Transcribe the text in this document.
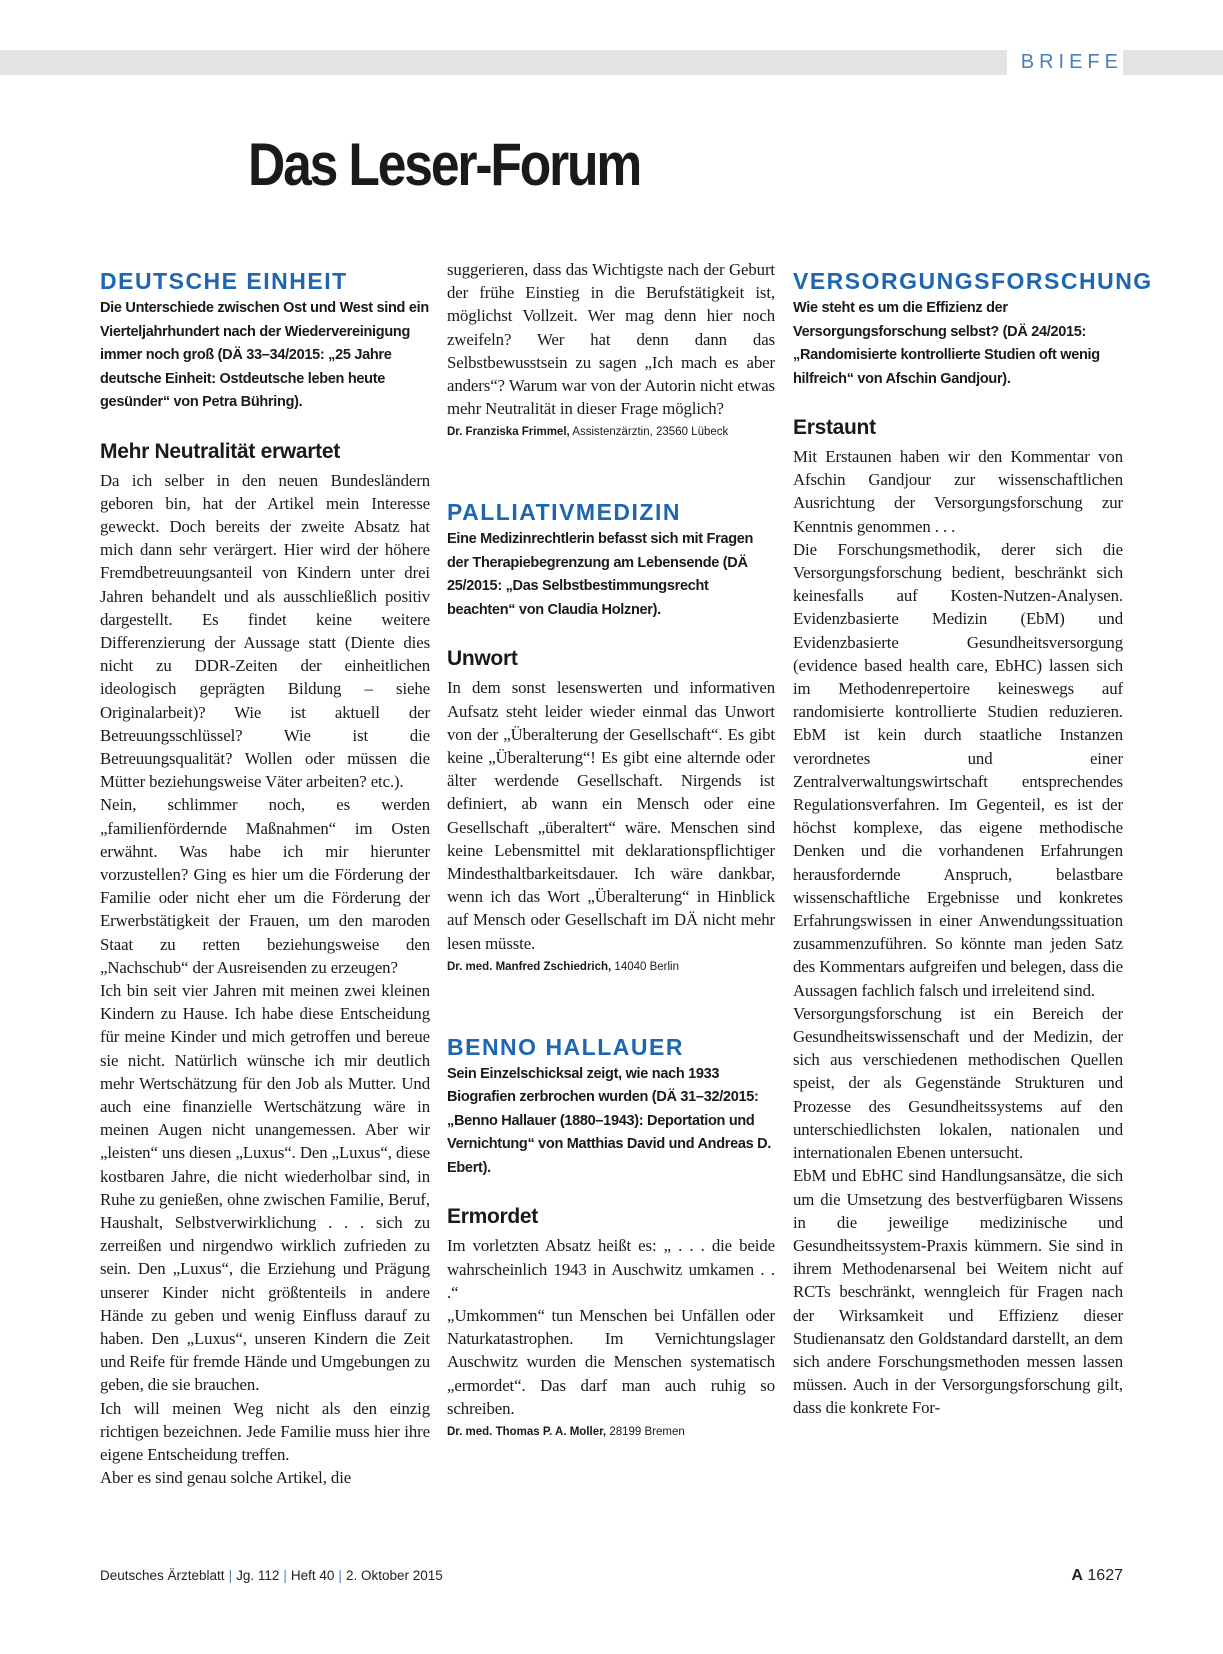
BRIEFE
Das Leser-Forum
DEUTSCHE EINHEIT

Die Unterschiede zwischen Ost und West sind ein Vierteljahrhundert nach der Wiedervereinigung immer noch groß (DÄ 33–34/2015: „25 Jahre deutsche Einheit: Ostdeutsche leben heute gesünder“ von Petra Bühring).

Mehr Neutralität erwartet

Da ich selber in den neuen Bundesländern geboren bin, hat der Artikel mein Interesse geweckt. Doch bereits der zweite Absatz hat mich dann sehr verärgert. Hier wird der höhere Fremdbetreuungsanteil von Kindern unter drei Jahren behandelt und als ausschließlich positiv dargestellt. Es findet keine weitere Differenzierung der Aussage statt (Diente dies nicht zu DDR-Zeiten der einheitlichen ideologisch geprägten Bildung – siehe Originalarbeit)? Wie ist aktuell der Betreuungsschlüssel? Wie ist die Betreuungsqualität? Wollen oder müssen die Mütter beziehungsweise Väter arbeiten? etc.).

Nein, schlimmer noch, es werden „familienfördernde Maßnahmen“ im Osten erwähnt. Was habe ich mir hierunter vorzustellen? Ging es hier um die Förderung der Familie oder nicht eher um die Förderung der Erwerbstätigkeit der Frauen, um den maroden Staat zu retten beziehungsweise den „Nachschub“ der Ausreisenden zu erzeugen?

Ich bin seit vier Jahren mit meinen zwei kleinen Kindern zu Hause. Ich habe diese Entscheidung für meine Kinder und mich getroffen und bereue sie nicht. Natürlich wünsche ich mir deutlich mehr Wertschätzung für den Job als Mutter. Und auch eine finanzielle Wertschätzung wäre in meinen Augen nicht unangemessen. Aber wir „leisten“ uns diesen „Luxus“. Den „Luxus“, diese kostbaren Jahre, die nicht wiederholbar sind, in Ruhe zu genießen, ohne zwischen Familie, Beruf, Haushalt, Selbstverwirklichung . . . sich zu zerreißen und nirgendwo wirklich zufrieden zu sein. Den „Luxus“, die Erziehung und Prägung unserer Kinder nicht größtenteils in andere Hände zu geben und wenig Einfluss darauf zu haben. Den „Luxus“, unseren Kindern die Zeit und Reife für fremde Hände und Umgebungen zu geben, die sie brauchen.

Ich will meinen Weg nicht als den einzig richtigen bezeichnen. Jede Familie muss hier ihre eigene Entscheidung treffen.

Aber es sind genau solche Artikel, die

suggerieren, dass das Wichtigste nach der Geburt der frühe Einstieg in die Berufstätigkeit ist, möglichst Vollzeit. Wer mag denn hier noch zweifeln? Wer hat denn dann das Selbstbewusstsein zu sagen „Ich mach es aber anders“? Warum war von der Autorin nicht etwas mehr Neutralität in dieser Frage möglich?

Dr. Franziska Frimmel, Assistenzärztin, 23560 Lübeck

PALLIATIVMEDIZIN

Eine Medizinrechtlerin befasst sich mit Fragen der Therapiebegrenzung am Lebensende (DÄ 25/2015: „Das Selbstbestimmungsrecht beachten“ von Claudia Holzner).

Unwort

In dem sonst lesenswerten und informativen Aufsatz steht leider wieder einmal das Unwort von der „Überalterung der Gesellschaft“. Es gibt keine „Überalterung“! Es gibt eine alternde oder älter werdende Gesellschaft. Nirgends ist definiert, ab wann ein Mensch oder eine Gesellschaft „überaltert“ wäre. Menschen sind keine Lebensmittel mit deklarationspflichtiger Mindesthaltbarkeitsdauer. Ich wäre dankbar, wenn ich das Wort „Überalterung“ in Hinblick auf Mensch oder Gesellschaft im DÄ nicht mehr lesen müsste.

Dr. med. Manfred Zschiedrich, 14040 Berlin

BENNO HALLAUER

Sein Einzelschicksal zeigt, wie nach 1933 Biografien zerbrochen wurden (DÄ 31–32/2015: „Benno Hallauer (1880–1943): Deportation und Vernichtung“ von Matthias David und Andreas D. Ebert).

Ermordet

Im vorletzten Absatz heißt es: „ . . . die beide wahrscheinlich 1943 in Auschwitz umkamen . . .“

„Umkommen“ tun Menschen bei Unfällen oder Naturkatastrophen. Im Vernichtungslager Auschwitz wurden die Menschen systematisch „ermordet“. Das darf man auch ruhig so schreiben.

Dr. med. Thomas P. A. Moller, 28199 Bremen

VERSORGUNGSFORSCHUNG

Wie steht es um die Effizienz der Versorgungsforschung selbst? (DÄ 24/2015: „Randomisierte kontrollierte Studien oft wenig hilfreich“ von Afschin Gandjour).

Erstaunt

Mit Erstaunen haben wir den Kommentar von Afschin Gandjour zur wissenschaftlichen Ausrichtung der Versorgungsforschung zur Kenntnis genommen . . .

Die Forschungsmethodik, derer sich die Versorgungsforschung bedient, beschränkt sich keinesfalls auf Kosten-Nutzen-Analysen. Evidenzbasierte Medizin (EbM) und Evidenzbasierte Gesundheitsversorgung (evidence based health care, EbHC) lassen sich im Methodenrepertoire keineswegs auf randomisierte kontrollierte Studien reduzieren. EbM ist kein durch staatliche Instanzen verordnetes und einer Zentralverwaltungswirtschaft entsprechendes Regulationsverfahren. Im Gegenteil, es ist der höchst komplexe, das eigene methodische Denken und die vorhandenen Erfahrungen herausfordernde Anspruch, belastbare wissenschaftliche Ergebnisse und konkretes Erfahrungswissen in einer Anwendungssituation zusammenzuführen. So könnte man jeden Satz des Kommentars aufgreifen und belegen, dass die Aussagen fachlich falsch und irreleitend sind.

Versorgungsforschung ist ein Bereich der Gesundheitswissenschaft und der Medizin, der sich aus verschiedenen methodischen Quellen speist, der als Gegenstände Strukturen und Prozesse des Gesundheitssystems auf den unterschiedlichsten lokalen, nationalen und internationalen Ebenen untersucht.

EbM und EbHC sind Handlungsansätze, die sich um die Umsetzung des bestverfügbaren Wissens in die jeweilige medizinische und Gesundheitssystem-Praxis kümmern. Sie sind in ihrem Methodenarsenal bei Weitem nicht auf RCTs beschränkt, wenngleich für Fragen nach der Wirksamkeit und Effizienz dieser Studienansatz den Goldstandard darstellt, an dem sich andere Forschungsmethoden messen lassen müssen. Auch in der Versorgungsforschung gilt, dass die konkrete For-

Deutsches Ärzteblatt | Jg. 112 | Heft 40 | 2. Oktober 2015	A 1627
